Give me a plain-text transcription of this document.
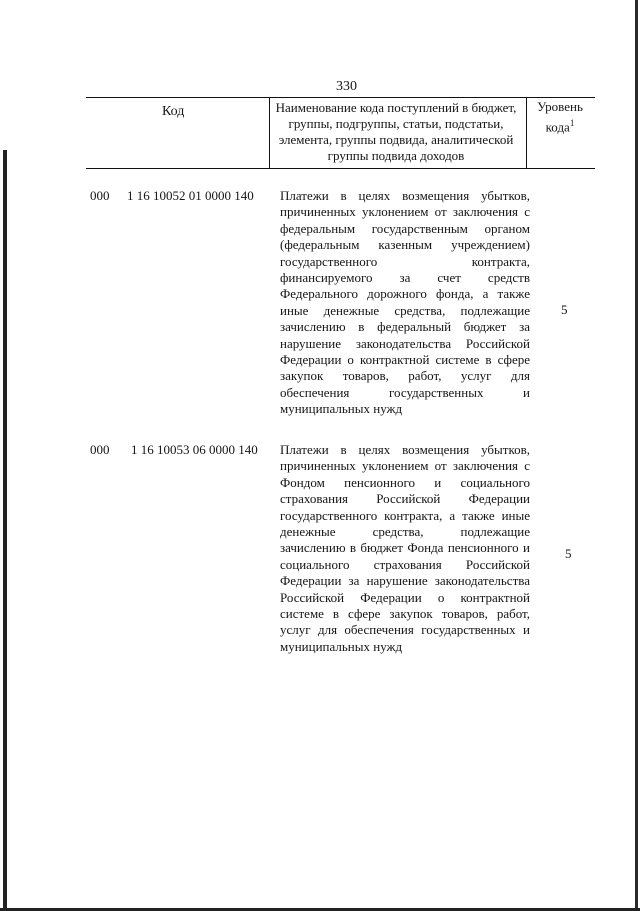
330
Код	Наименование кода поступлений в бюджет, группы, подгруппы, статьи, подстатьи, элемента, группы подвида, аналитической группы подвида доходов
Уровень кода$^1$
000 1 16 10052 01 0000 140 Платежи в целях возмещения убытков, причиненных уклонением от заключения с федеральным государственным органом (федеральным казенным учреждением) государственного контракта, финансируемого за счет средств Федерального дорожного фонда, а также иные денежные средства, подлежащие зачислению в федеральный бюджет за нарушение законодательства Российской Федерации о контрактной системе в сфере закупок товаров, работ, услуг для обеспечения государственных и муниципальных нужд
5
000 1 16 10053 06 0000 140 Платежи в целях возмещения убытков, причиненных уклонением от заключения с Фондом пенсионного и социального страхования Российской Федерации государственного контракта, а также иные денежные средства, подлежащие зачислению в бюджет Фонда пенсионного и социального страхования Российской Федерации за нарушение законодательства Российской Федерации о контрактной системе в сфере закупок товаров, работ, услуг для обеспечения государственных и муниципальных нужд
5
